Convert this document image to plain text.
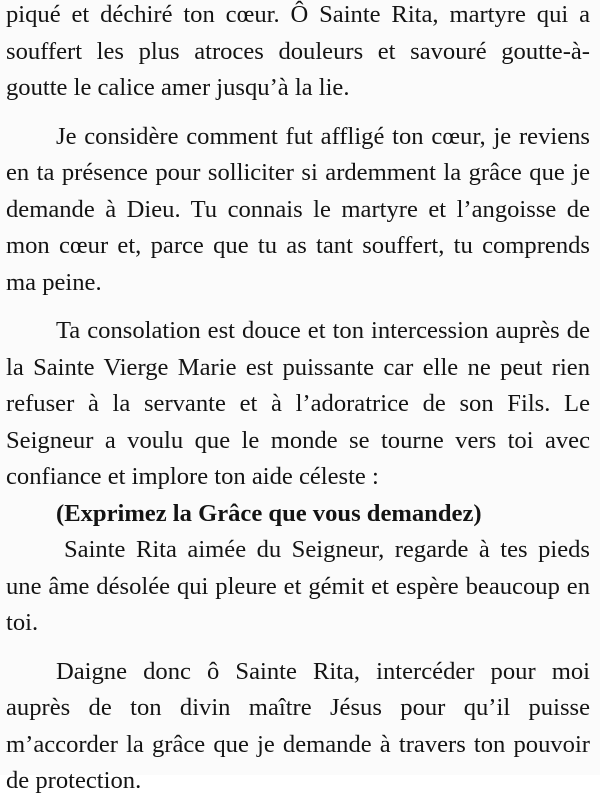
piqué et déchiré ton cœur. Ô Sainte Rita, martyre qui a souffert les plus atroces douleurs et savouré goutte-à-goutte le calice amer jusqu’à la lie.

Je considère comment fut affligé ton cœur, je reviens en ta présence pour solliciter si ardemment la grâce que je demande à Dieu. Tu connais le martyre et l’angoisse de mon cœur et, parce que tu as tant souffert, tu comprends ma peine.

Ta consolation est douce et ton intercession auprès de la Sainte Vierge Marie est puissante car elle ne peut rien refuser à la servante et à l’adoratrice de son Fils. Le Seigneur a voulu que le monde se tourne vers toi avec confiance et implore ton aide céleste :

(Exprimez la Grâce que vous demandez)

Sainte Rita aimée du Seigneur, regarde à tes pieds une âme désolée qui pleure et gémit et espère beaucoup en toi.

Daigne donc ô Sainte Rita, intercéder pour moi auprès de ton divin maître Jésus pour qu’il puisse m’accorder la grâce que je demande à travers ton pouvoir de protection.
